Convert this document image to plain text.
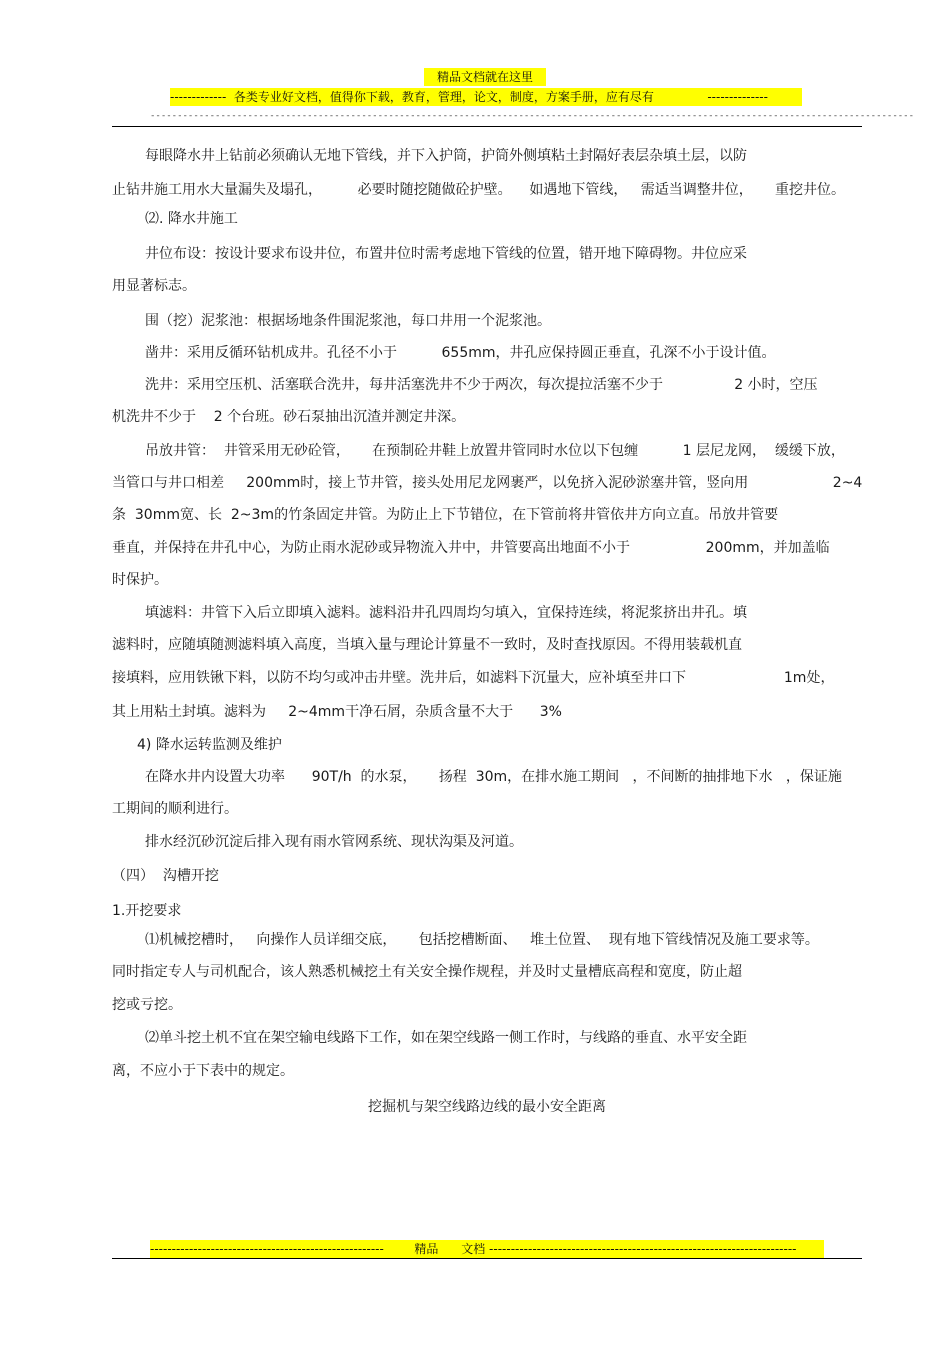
精品文档就在这里
-------------  各类专业好文档，值得你下载，教育，管理，论文，制度，方案手册，应有尽有              --------------
---------------------------------------------------------------------------------------------------------------------------------------------
每眼降水井上钻前必须确认无地下管线，并下入护筒，护筒外侧填粘土封隔好表层杂填土层，以防
止钻井施工用水大量漏失及塌孔，        必要时随挖随做砼护壁。    如遇地下管线，   需适当调整井位，     重挖井位。
⑵. 降水井施工
井位布设：按设计要求布设井位，布置井位时需考虑地下管线的位置，错开地下障碍物。井位应采
用显著标志。
围（挖）泥浆池：根据场地条件围泥浆池，每口井用一个泥浆池。
凿井：采用反循环钻机成井。孔径不小于          655mm，井孔应保持圆正垂直，孔深不小于设计值。
洗井：采用空压机、活塞联合洗井，每井活塞洗井不少于两次，每次提拉活塞不少于                2 小时，空压
机洗井不少于    2 个台班。砂石泵抽出沉渣并测定井深。
吊放井管：  井管采用无砂砼管，     在预制砼井鞋上放置井管同时水位以下包缠          1 层尼龙网，  缓缓下放，
当管口与井口相差     200mm时，接上节井管，接头处用尼龙网裹严，以免挤入泥砂淤塞井管，竖向用                   2~4
条  30mm宽、长  2~3m的竹条固定井管。为防止上下节错位，在下管前将井管依井方向立直。吊放井管要
垂直，并保持在井孔中心，为防止雨水泥砂或异物流入井中，井管要高出地面不小于                 200mm，并加盖临
时保护。
填滤料：井管下入后立即填入滤料。滤料沿井孔四周均匀填入，宜保持连续，将泥浆挤出井孔。填
滤料时，应随填随测滤料填入高度，当填入量与理论计算量不一致时，及时查找原因。不得用装载机直
接填料，应用铁锹下料，以防不均匀或冲击井壁。洗井后，如滤料下沉量大，应补填至井口下                      1m处，
其上用粘土封填。滤料为     2~4mm干净石屑，杂质含量不大于      3%
4) 降水运转监测及维护
在降水井内设置大功率      90T/h  的水泵，     扬程  30m，在排水施工期间   ，不间断的抽排地下水   ，保证施
工期间的顺利进行。
排水经沉砂沉淀后排入现有雨水管网系统、现状沟渠及河道。
（四）  沟槽开挖
1.开挖要求
⑴机械挖槽时，   向操作人员详细交底，     包括挖槽断面、   堆土位置、  现有地下管线情况及施工要求等。
同时指定专人与司机配合，该人熟悉机械挖土有关安全操作规程，并及时丈量槽底高程和宽度，防止超
挖或亏挖。
⑵单斗挖土机不宜在架空输电线路下工作，如在架空线路一侧工作时，与线路的垂直、水平安全距
离，不应小于下表中的规定。
挖掘机与架空线路边线的最小安全距离
------------------------------------------------------        精品      文档 -----------------------------------------------------------------------
